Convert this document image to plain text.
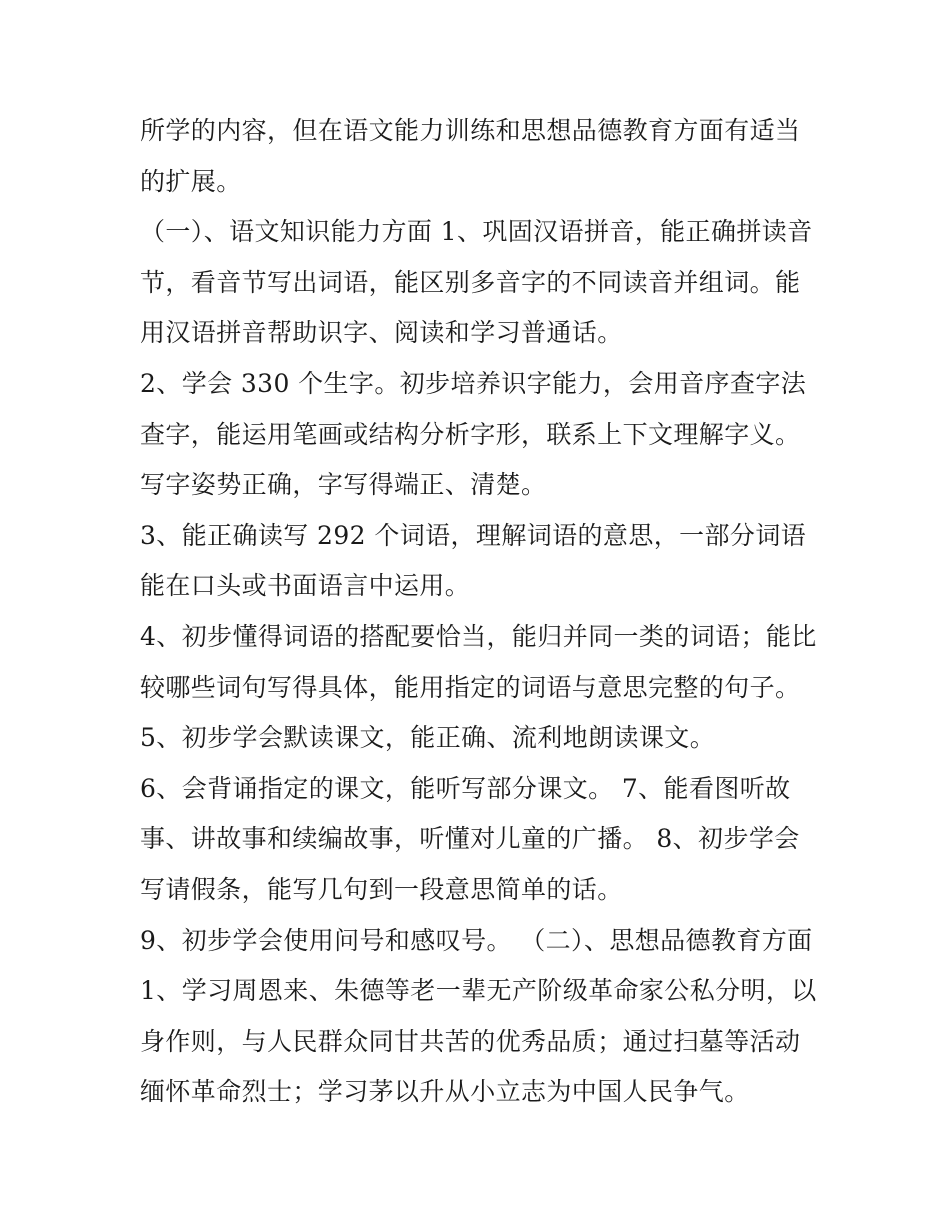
所学的内容，但在语文能力训练和思想品德教育方面有适当的扩展。

（一）、语文知识能力方面 1、巩固汉语拼音，能正确拼读音节，看音节写出词语，能区别多音字的不同读音并组词。能用汉语拼音帮助识字、阅读和学习普通话。

2、学会 330 个生字。初步培养识字能力，会用音序查字法查字，能运用笔画或结构分析字形，联系上下文理解字义。写字姿势正确，字写得端正、清楚。

3、能正确读写 292 个词语，理解词语的意思，一部分词语能在口头或书面语言中运用。

4、初步懂得词语的搭配要恰当，能归并同一类的词语；能比较哪些词句写得具体，能用指定的词语与意思完整的句子。

5、初步学会默读课文，能正确、流利地朗读课文。

6、会背诵指定的课文，能听写部分课文。 7、能看图听故事、讲故事和续编故事，听懂对儿童的广播。 8、初步学会写请假条，能写几句到一段意思简单的话。

9、初步学会使用问号和感叹号。 （二）、思想品德教育方面 1、学习周恩来、朱德等老一辈无产阶级革命家公私分明，以身作则，与人民群众同甘共苦的优秀品质；通过扫墓等活动缅怀革命烈士；学习茅以升从小立志为中国人民争气。
